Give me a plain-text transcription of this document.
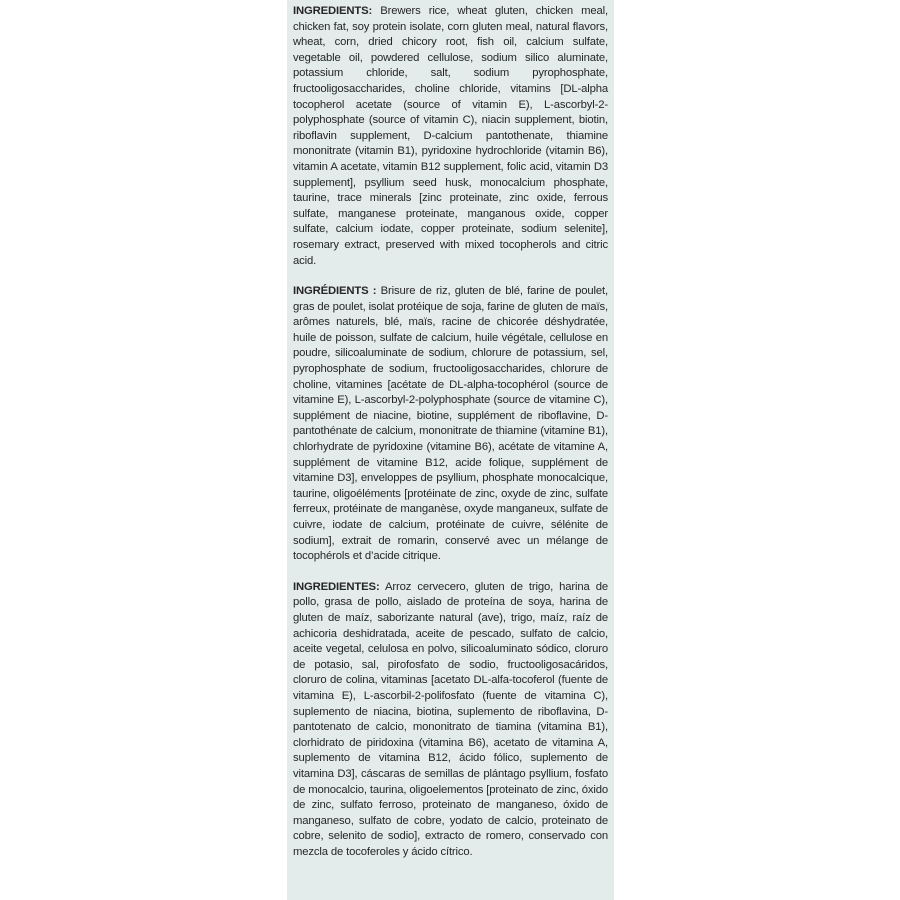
INGREDIENTS: Brewers rice, wheat gluten, chicken meal, chicken fat, soy protein isolate, corn gluten meal, natural flavors, wheat, corn, dried chicory root, fish oil, calcium sulfate, vegetable oil, powdered cellulose, sodium silico aluminate, potassium chloride, salt, sodium pyrophosphate, fructooligosaccharides, choline chloride, vitamins [DL-alpha tocopherol acetate (source of vitamin E), L-ascorbyl-2-polyphosphate (source of vitamin C), niacin supplement, biotin, riboflavin supplement, D-calcium pantothenate, thiamine mononitrate (vitamin B1), pyridoxine hydrochloride (vitamin B6), vitamin A acetate, vitamin B12 supplement, folic acid, vitamin D3 supplement], psyllium seed husk, monocalcium phosphate, taurine, trace minerals [zinc proteinate, zinc oxide, ferrous sulfate, manganese proteinate, manganous oxide, copper sulfate, calcium iodate, copper proteinate, sodium selenite], rosemary extract, preserved with mixed tocopherols and citric acid.

INGRÉDIENTS : Brisure de riz, gluten de blé, farine de poulet, gras de poulet, isolat protéique de soja, farine de gluten de maïs, arômes naturels, blé, maïs, racine de chicorée déshydratée, huile de poisson, sulfate de calcium, huile végétale, cellulose en poudre, silicoaluminate de sodium, chlorure de potassium, sel, pyrophosphate de sodium, fructooligosaccharides, chlorure de choline, vitamines [acétate de DL-alpha-tocophérol (source de vitamine E), L-ascorbyl-2-polyphosphate (source de vitamine C), supplément de niacine, biotine, supplément de riboflavine, D-pantothénate de calcium, mononitrate de thiamine (vitamine B1), chlorhydrate de pyridoxine (vitamine B6), acétate de vitamine A, supplément de vitamine B12, acide folique, supplément de vitamine D3], enveloppes de psyllium, phosphate monocalcique, taurine, oligoéléments [protéinate de zinc, oxyde de zinc, sulfate ferreux, protéinate de manganèse, oxyde manganeux, sulfate de cuivre, iodate de calcium, protéinate de cuivre, sélénite de sodium], extrait de romarin, conservé avec un mélange de tocophérols et d’acide citrique.

INGREDIENTES: Arroz cervecero, gluten de trigo, harina de pollo, grasa de pollo, aislado de proteína de soya, harina de gluten de maíz, saborizante natural (ave), trigo, maíz, raíz de achicoria deshidratada, aceite de pescado, sulfato de calcio, aceite vegetal, celulosa en polvo, silicoaluminato sódico, cloruro de potasio, sal, pirofosfato de sodio, fructooligosacáridos, cloruro de colina, vitaminas [acetato DL-alfa-tocoferol (fuente de vitamina E), L-ascorbil-2-polifosfato (fuente de vitamina C), suplemento de niacina, biotina, suplemento de riboflavina, D-pantotenato de calcio, mononitrato de tiamina (vitamina B1), clorhidrato de piridoxina (vitamina B6), acetato de vitamina A, suplemento de vitamina B12, ácido fólico, suplemento de vitamina D3], cáscaras de semillas de plántago psyllium, fosfato de monocalcio, taurina, oligoelementos [proteinato de zinc, óxido de zinc, sulfato ferroso, proteinato de manganeso, óxido de manganeso, sulfato de cobre, yodato de calcio, proteinato de cobre, selenito de sodio], extracto de romero, conservado con mezcla de tocoferoles y ácido cítrico.
